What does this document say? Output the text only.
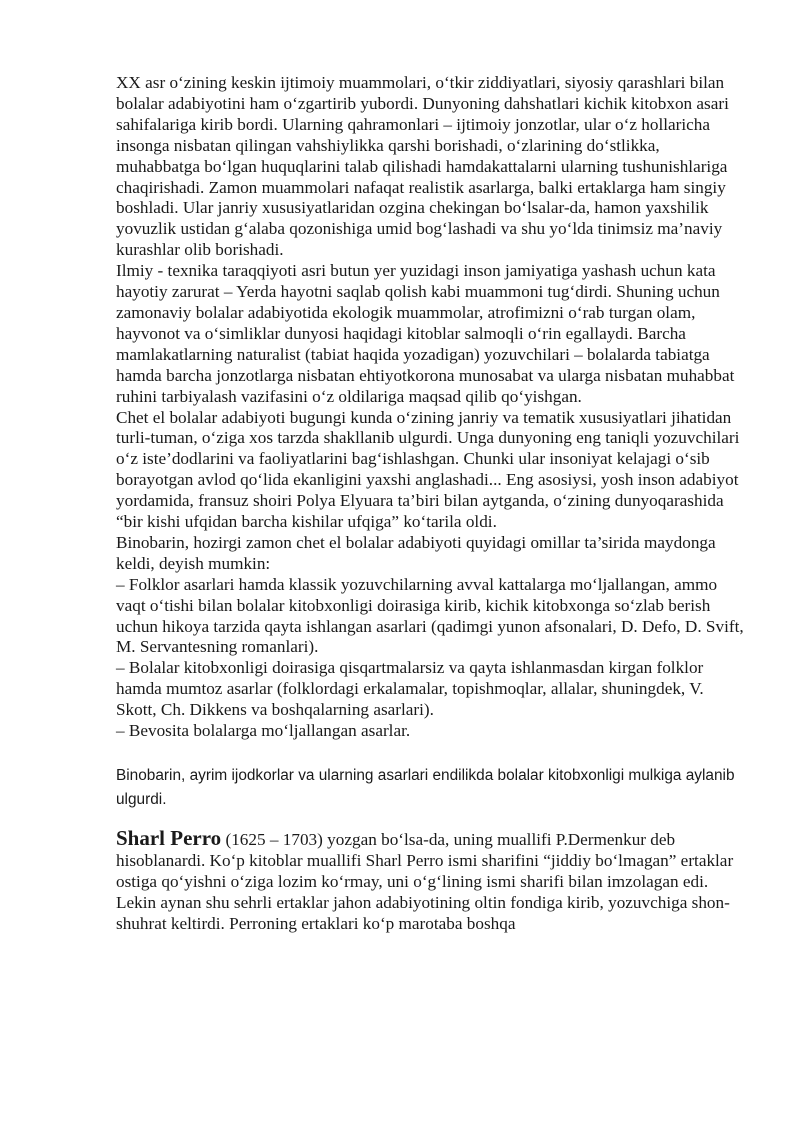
XX asr o‘zining keskin ijtimoiy muammolari, o‘tkir ziddiyatlari, siyosiy qarashlari bilan bolalar adabiyotini ham o‘zgartirib yubordi. Dunyoning dahshatlari kichik kitobxon asari sahifalariga kirib bordi. Ularning qahramonlari – ijtimoiy jonzotlar, ular o‘z hollaricha insonga nisbatan qilingan vahshiylikka qarshi borishadi, o‘zlarining do‘stlikka, muhabbatga bo‘lgan huquqlarini talab qilishadi hamdakattalarni ularning tushunishlariga chaqirishadi. Zamon muammolari nafaqat realistik asarlarga, balki ertaklarga ham singiy boshladi. Ular janriy xususiyatlaridan ozgina chekingan bo‘lsalar-da, hamon yaxshilik yovuzlik ustidan g‘alaba qozonishiga umid bog‘lashadi va shu yo‘lda tinimsiz ma’naviy kurashlar olib borishadi.

Ilmiy - texnika taraqqiyoti asri butun yer yuzidagi inson jamiyatiga yashash uchun kata hayotiy zarurat – Yerda hayotni saqlab qolish kabi muammoni tug‘dirdi. Shuning uchun zamonaviy bolalar adabiyotida ekologik muammolar, atrofimizni o‘rab turgan olam, hayvonot va o‘simliklar dunyosi haqidagi kitoblar salmoqli o‘rin egallaydi. Barcha mamlakatlarning naturalist (tabiat haqida yozadigan) yozuvchilari – bolalarda tabiatga hamda barcha jonzotlarga nisbatan ehtiyotkorona munosabat va ularga nisbatan muhabbat ruhini tarbiyalash vazifasini o‘z oldilariga maqsad qilib qo‘yishgan.

Chet el bolalar adabiyoti bugungi kunda o‘zining janriy va tematik xususiyatlari jihatidan turli-tuman, o‘ziga xos tarzda shakllanib ulgurdi. Unga dunyoning eng taniqli yozuvchilari o‘z iste’dodlarini va faoliyatlarini bag‘ishlashgan. Chunki ular insoniyat kelajagi o‘sib borayotgan avlod qo‘lida ekanligini yaxshi anglashadi... Eng asosiysi, yosh inson adabiyot yordamida, fransuz shoiri Polya Elyuara ta’biri bilan aytganda, o‘zining dunyoqarashida “bir kishi ufqidan barcha kishilar ufqiga” ko‘tarila oldi.

Binobarin, hozirgi zamon chet el bolalar adabiyoti quyidagi omillar ta’sirida maydonga keldi, deyish mumkin:

– Folklor asarlari hamda klassik yozuvchilarning avval kattalarga mo‘ljallangan, ammo vaqt o‘tishi bilan bolalar kitobxonligi doirasiga kirib, kichik kitobxonga so‘zlab berish uchun hikoya tarzida qayta ishlangan asarlari (qadimgi yunon afsonalari, D. Defo, D. Svift, M. Servantesning romanlari).

– Bolalar kitobxonligi doirasiga qisqartmalarsiz va qayta ishlanmasdan kirgan folklor hamda mumtoz asarlar (folklordagi erkalamalar, topishmoqlar, allalar, shuningdek, V. Skott, Ch. Dikkens va boshqalarning asarlari).

– Bevosita bolalarga mo‘ljallangan asarlar.

Binobarin, ayrim ijodkorlar va ularning asarlari endilikda bolalar kitobxonligi mulkiga aylanib ulgurdi.

Sharl Perro (1625 – 1703) yozgan bo‘lsa-da, uning muallifi P.Dermenkur deb hisoblanardi. Ko‘p kitoblar muallifi Sharl Perro ismi sharifini “jiddiy bo‘lmagan” ertaklar ostiga qo‘yishni o‘ziga lozim ko‘rmay, uni o‘g‘lining ismi sharifi bilan imzolagan edi. Lekin aynan shu sehrli ertaklar jahon adabiyotining oltin fondiga kirib, yozuvchiga shon-shuhrat keltirdi. Perroning ertaklari ko‘p marotaba boshqa
